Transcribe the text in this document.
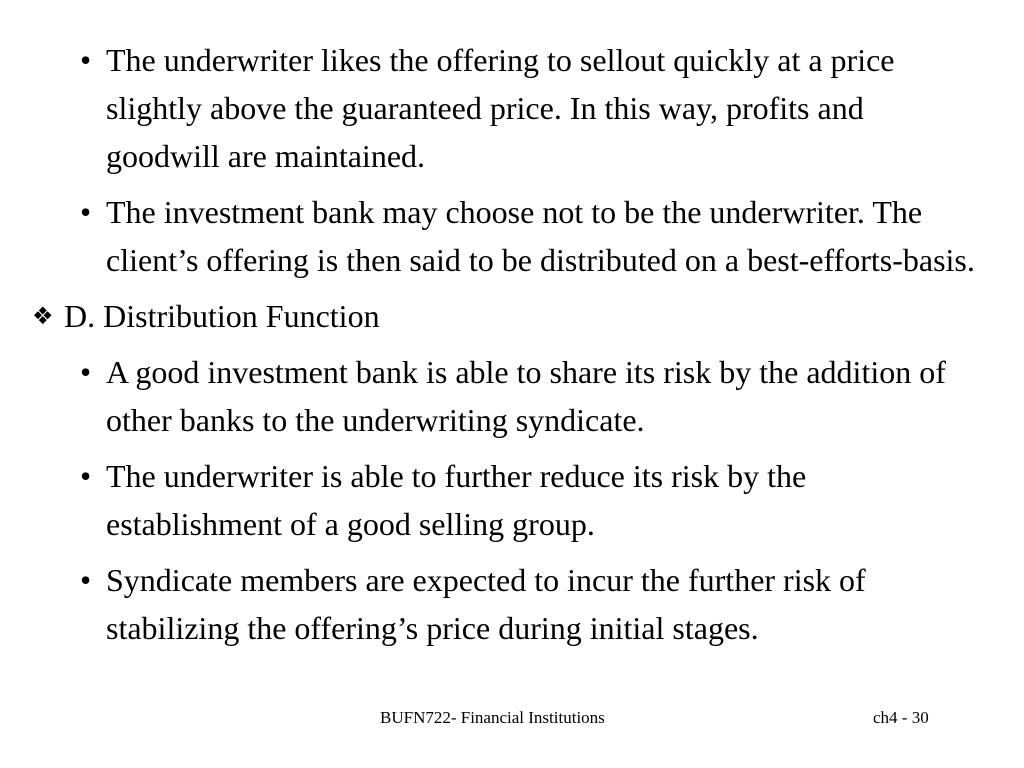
• The underwriter likes the offering to sellout quickly at a price slightly above the guaranteed price. In this way, profits and goodwill are maintained.
• The investment bank may choose not to be the underwriter. The client’s offering is then said to be distributed on a best-efforts-basis.
❖ D. Distribution Function
• A good investment bank is able to share its risk by the addition of other banks to the underwriting syndicate.
• The underwriter is able to further reduce its risk by the establishment of a good selling group.
• Syndicate members are expected to incur the further risk of stabilizing the offering’s price during initial stages.
BUFN722- Financial Institutions	ch4 - 30
